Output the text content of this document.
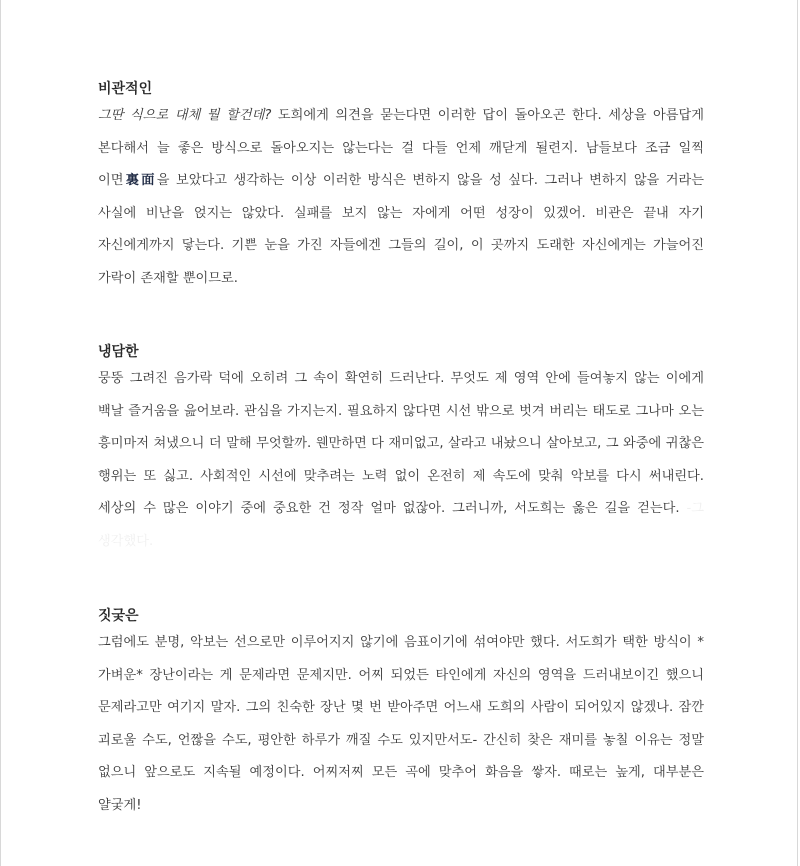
비관적인

그딴 식으로 대체 뭘 할건데? 도희에게 의견을 묻는다면 이러한 답이 돌아오곤 한다. 세상을 아름답게 본다해서 늘 좋은 방식으로 돌아오지는 않는다는 걸 다들 언제 깨닫게 될련지. 남들보다 조금 일찍 이면裏面을 보았다고 생각하는 이상 이러한 방식은 변하지 않을 성 싶다. 그러나 변하지 않을 거라는 사실에 비난을 얹지는 않았다. 실패를 보지 않는 자에게 어떤 성장이 있겠어. 비관은 끝내 자기 자신에게까지 닿는다. 기쁜 눈을 가진 자들에겐 그들의 길이, 이 곳까지 도래한 자신에게는 가늘어진 가락이 존재할 뿐이므로.

냉담한

뭉뚱 그려진 음가락 덕에 오히려 그 속이 확연히 드러난다. 무엇도 제 영역 안에 들여놓지 않는 이에게 백날 즐거움을 읊어보라. 관심을 가지는지. 필요하지 않다면 시선 밖으로 벗겨 버리는 태도로 그나마 오는 흥미마저 쳐냈으니 더 말해 무엇할까. 웬만하면 다 재미없고, 살라고 내놨으니 살아보고, 그 와중에 귀찮은 행위는 또 싫고. 사회적인 시선에 맞추려는 노력 없이 온전히 제 속도에 맞춰 악보를 다시 써내린다. 세상의 수 많은 이야기 중에 중요한 건 정작 얼마 없잖아. 그러니까, 서도희는 옳은 길을 걷는다. -그 생각했다.

짓궂은

그럼에도 분명, 악보는 선으로만 이루어지지 않기에 음표이기에 섞여야만 했다. 서도희가 택한 방식이 *가벼운* 장난이라는 게 문제라면 문제지만. 어찌 되었든 타인에게 자신의 영역을 드러내보이긴 했으니 문제라고만 여기지 말자. 그의 친숙한 장난 몇 번 받아주면 어느새 도희의 사람이 되어있지 않겠나. 잠깐 괴로울 수도, 언짢을 수도, 평안한 하루가 깨질 수도 있지만서도- 간신히 찾은 재미를 놓칠 이유는 정말 없으니 앞으로도 지속될 예정이다. 어찌저찌 모든 곡에 맞추어 화음을 쌓자. 때로는 높게, 대부분은 얄궂게!
